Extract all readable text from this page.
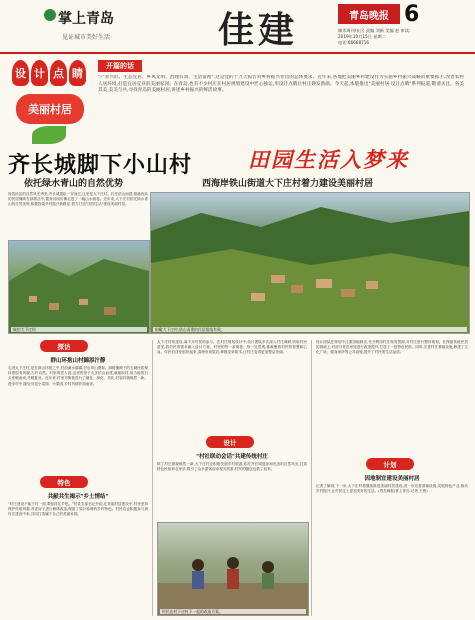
掌上青岛
见证城市美好生活	佳建	青岛晚报 6
城市周刊/社区 责编 刘新 美编 赵 审读:
2019年10月15日 星期二
电话:66668716
设 计 点 睛
美丽村居
开篇的话
"产业兴旺、生态宜居、乡风文明、治理有效、生活富裕",这是党的十九大报告对乡村振兴作出的总体要求。近年来,各地把美丽乡村建设作为实施乡村振兴战略的重要抓手,改善农村人居环境,打造宜居宜业的美丽家园。在青岛,也有不少村庄在村居规划建设中匠心独运,用设计点睛让村庄焕发新颜。今天起,本版推出"美丽村居·设计点睛"系列报道,敬请关注。各美其美,美美与共,寻找青岛的美丽村居,讲述乡村振兴的鲜活故事。
齐长城脚下小山村
依托绿水青山的自然优势	西海岸铁山街道大下庄村着力建设美丽村居
田园生活入梦来
视线所及的自然风光秀美,齐长城遗址一穿而过,这里是大下庄村。村庄依山而建,错落有致的民居掩映在绿树丛中,置身其间仿佛走进了一幅山水画卷。近年来,大下庄村依托绿水青山的自然优势,积极探索乡村振兴新路径,着力打造"田园生活"建设美丽村居。
航拍大下庄村	俯瞰大下庄村,依山而建的民居错落有致。
探访
群山环抱山村錦添汁静
走进大下庄村,是在群山环抱之中,村前溪水潺潺,村后青山叠翠。绿树掩映下的石砌民居保持着原有风貌,古朴自然。村里的老人说,这里的房子大多依山而建,就地取材,用当地的石头垒砌而成,冬暖夏凉。近年来,村里对街巷进行了硬化、绿化、亮化,村容村貌焕然一新。漫步村中,随处可见小菜园、小果园,乡村风情扑面而来。
特色
共献共生揭示"乡土情结"
"村庄建设不能千村一面,要留得住乡愁。"村党支部书记介绍,在美丽村居建设中,村里坚持保护传统风貌,对老房子进行修缮改造,保留了原汁原味的乡村特色。村民们也积极参与到村庄建设中来,共同打造属于自己的美丽家园。
大下庄村的建设,离不开村民的参与。在村庄规划设计中,设计团队多次深入村庄调研,听取村民意见,将村民的需求融入设计方案。村里的每一条街巷、每一处景观,都凝聚着村民的智慧和心血。村民们自发组织起来,清理房前屋后,种植花草树木,让村庄变得更加整洁美丽。
设计
"村社联动会话"共建传统村庄
除了村庄面貌焕然一新,大下庄村还积极发展乡村旅游,依托齐长城遗址和优美的自然风光,打造特色民宿和农家乐,吸引了众多游客前来观光旅游,村民的腰包也鼓了起来。
村民在村下庄村下一起的改造方案。
设计团队在规划中注重因地制宜,充分利用村庄现有资源,对村庄进行整体规划。在保留传统民居的基础上,对部分老旧房屋进行改造提升,打造了一批特色民宿。同时,完善村庄基础设施,修建了文化广场、健身场所等公共设施,提升了村民的生活品质。
计划
因地制宜建设美丽村居
记者了解到,下一步,大下庄村将继续推进美丽村居建设,进一步完善基础设施,发展特色产业,推动乡村振兴,让村民过上更加美好的生活。(青岛晚报/掌上青岛 记者 王鲁)
